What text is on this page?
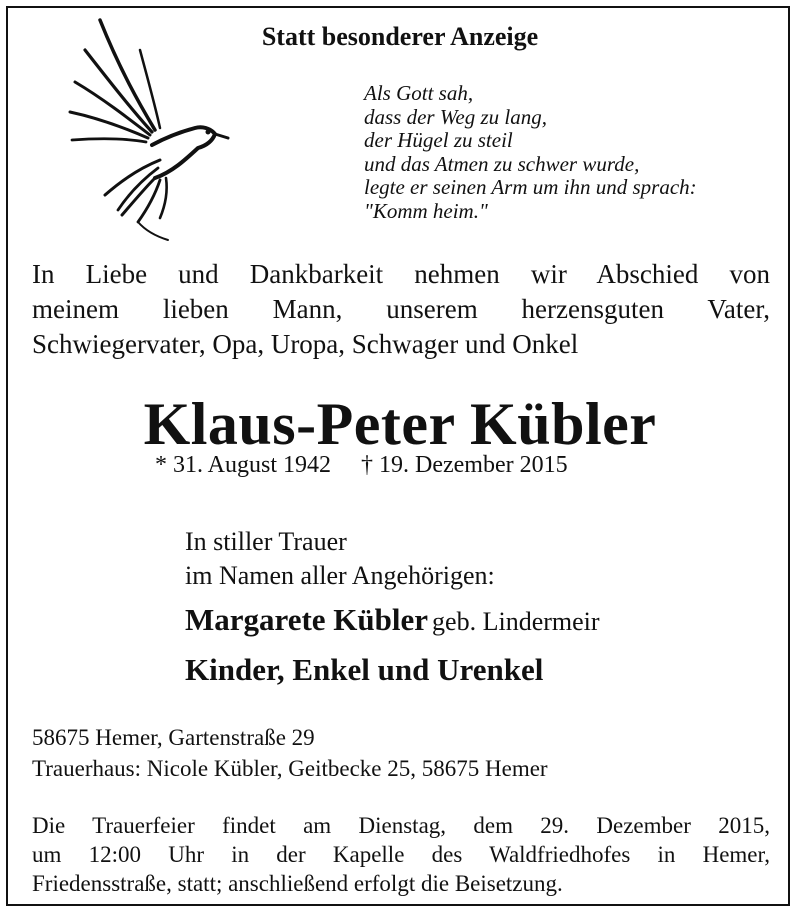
Statt besonderer Anzeige
Als Gott sah,
dass der Weg zu lang,
der Hügel zu steil
und das Atmen zu schwer wurde,
legte er seinen Arm um ihn und sprach:
"Komm heim."
In Liebe und Dankbarkeit nehmen wir Abschied von
meinem lieben Mann, unserem herzensguten Vater,
Schwiegervater, Opa, Uropa, Schwager und Onkel
Klaus-Peter Kübler
* 31. August 1942 † 19. Dezember 2015
In stiller Trauer
im Namen aller Angehörigen:
Margarete Kübler geb. Lindermeir
Kinder, Enkel und Urenkel
58675 Hemer, Gartenstraße 29
Trauerhaus: Nicole Kübler, Geitbecke 25, 58675 Hemer
Die Trauerfeier findet am Dienstag, dem 29. Dezember 2015,
um 12:00 Uhr in der Kapelle des Waldfriedhofes in Hemer,
Friedensstraße, statt; anschließend erfolgt die Beisetzung.
